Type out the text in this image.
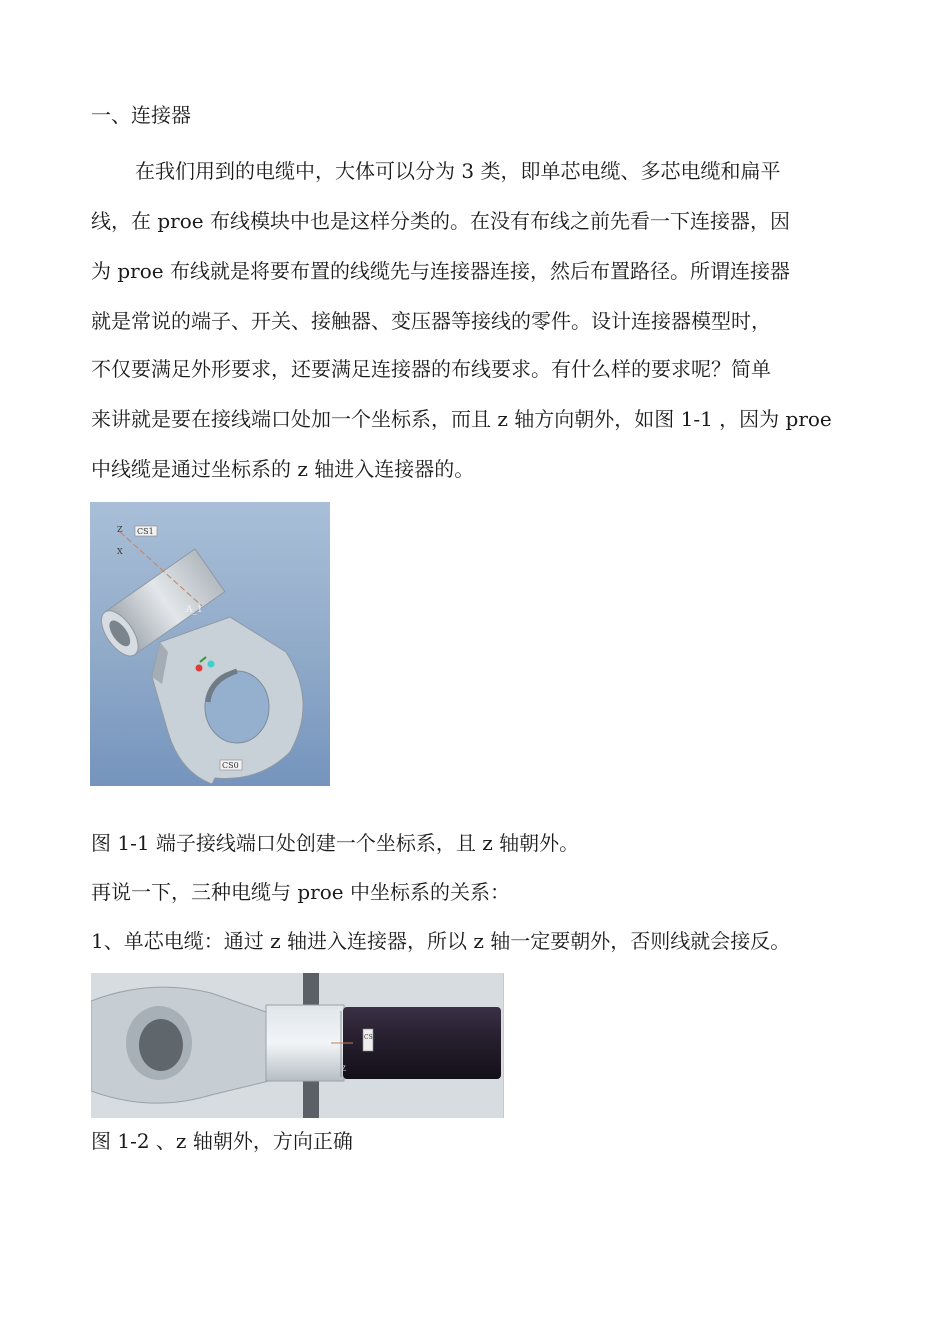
一、连接器
在我们用到的电缆中，大体可以分为 3 类，即单芯电缆、多芯电缆和扁平
线，在 proe 布线模块中也是这样分类的。在没有布线之前先看一下连接器，因
为 proe 布线就是将要布置的线缆先与连接器连接，然后布置路径。所谓连接器
就是常说的端子、开关、接触器、变压器等接线的零件。设计连接器模型时，
不仅要满足外形要求，还要满足连接器的布线要求。有什么样的要求呢？简单
来讲就是要在接线端口处加一个坐标系，而且 z 轴方向朝外，如图 1-1 ，因为 proe
中线缆是通过坐标系的 z 轴进入连接器的。
CS1
Z
X
A_1
CS0
图 1-1 端子接线端口处创建一个坐标系，且 z 轴朝外。
再说一下，三种电缆与 proe 中坐标系的关系：
1、单芯电缆：通过 z 轴进入连接器，所以 z 轴一定要朝外，否则线就会接反。
CS1
Z
图 1-2 、z 轴朝外，方向正确
